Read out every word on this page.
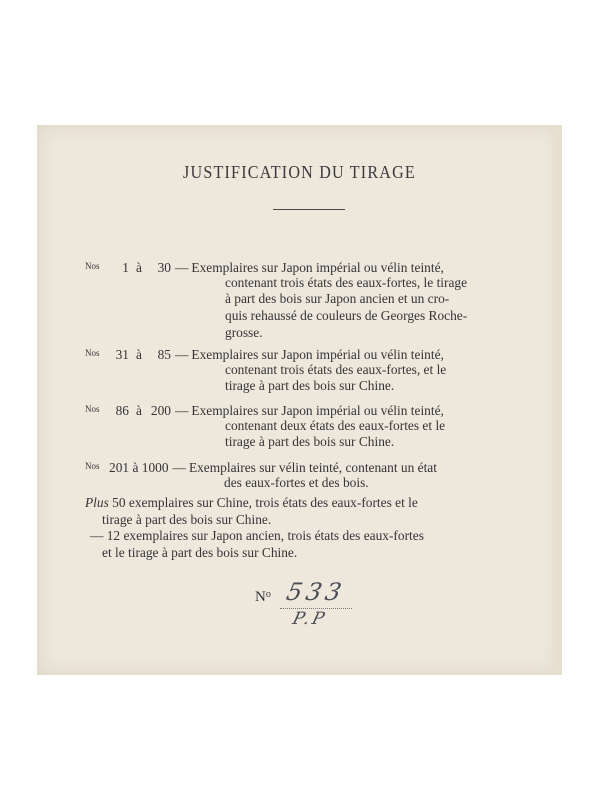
JUSTIFICATION DU TIRAGE
Nos 1 à 30 — Exemplaires sur Japon impérial ou vélin teinté,
contenant trois états des eaux-fortes, le tirage
à part des bois sur Japon ancien et un cro-
quis rehaussé de couleurs de Georges Roche-
grosse.
Nos 31 à 85 — Exemplaires sur Japon impérial ou vélin teinté,
contenant trois états des eaux-fortes, et le
tirage à part des bois sur Chine.
Nos 86 à 200 — Exemplaires sur Japon impérial ou vélin teinté,
contenant deux états des eaux-fortes et le
tirage à part des bois sur Chine.
Nos 201 à 1000 — Exemplaires sur vélin teinté, contenant un état
des eaux-fortes et des bois.
Plus 50 exemplaires sur Chine, trois états des eaux-fortes et le
tirage à part des bois sur Chine.
— 12 exemplaires sur Japon ancien, trois états des eaux-fortes
et le tirage à part des bois sur Chine.
$N^o$ 533
P.P
